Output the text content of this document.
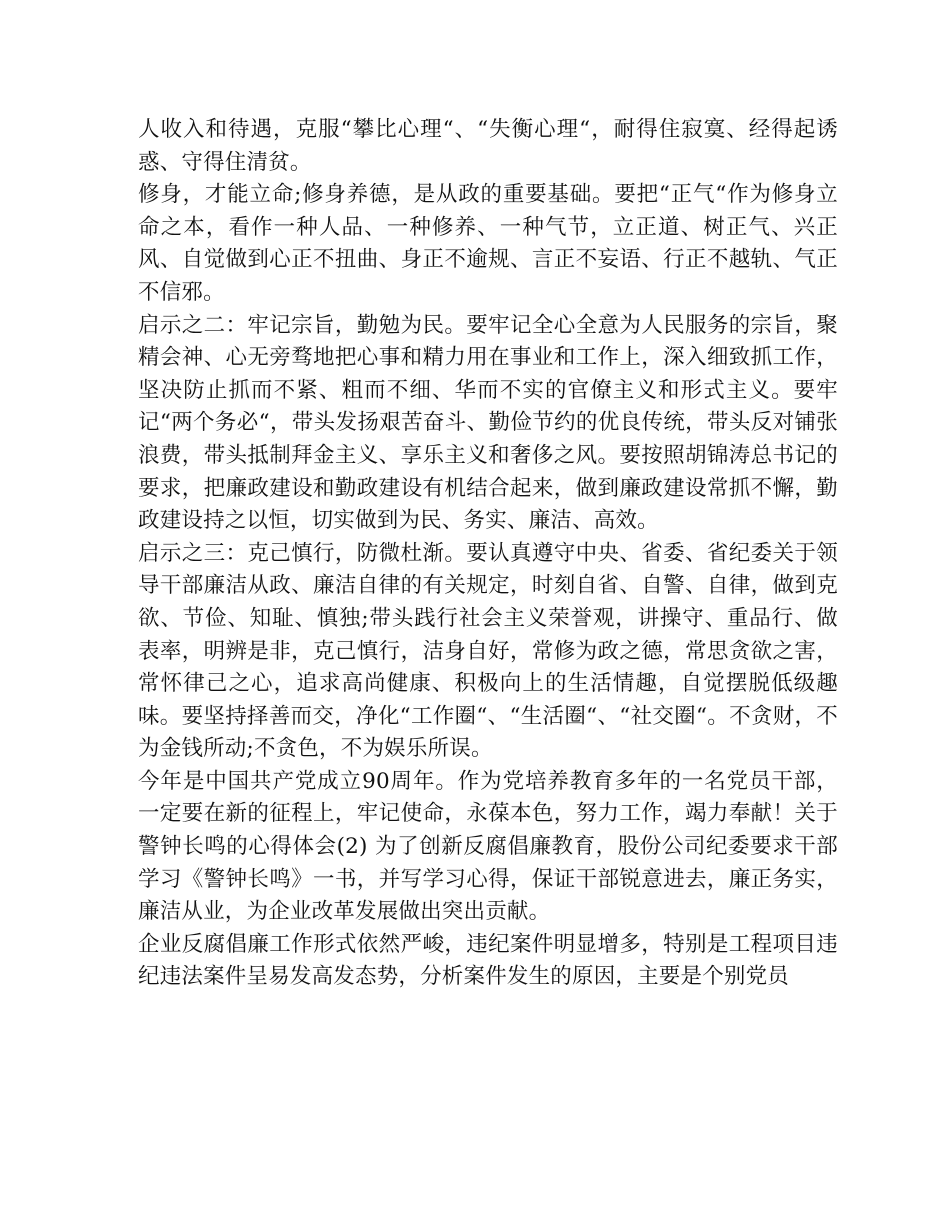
人收入和待遇，克服“攀比心理“、“失衡心理“，耐得住寂寞、经得起诱惑、守得住清贫。

修身，才能立命;修身养德，是从政的重要基础。要把“正气“作为修身立命之本，看作一种人品、一种修养、一种气节，立正道、树正气、兴正风、自觉做到心正不扭曲、身正不逾规、言正不妄语、行正不越轨、气正不信邪。

启示之二：牢记宗旨，勤勉为民。要牢记全心全意为人民服务的宗旨，聚精会神、心无旁骛地把心事和精力用在事业和工作上，深入细致抓工作，坚决防止抓而不紧、粗而不细、华而不实的官僚主义和形式主义。要牢记“两个务必“，带头发扬艰苦奋斗、勤俭节约的优良传统，带头反对铺张浪费，带头抵制拜金主义、享乐主义和奢侈之风。要按照胡锦涛总书记的要求，把廉政建设和勤政建设有机结合起来，做到廉政建设常抓不懈，勤政建设持之以恒，切实做到为民、务实、廉洁、高效。

启示之三：克己慎行，防微杜渐。要认真遵守中央、省委、省纪委关于领导干部廉洁从政、廉洁自律的有关规定，时刻自省、自警、自律，做到克欲、节俭、知耻、慎独;带头践行社会主义荣誉观，讲操守、重品行、做表率，明辨是非，克己慎行，洁身自好，常修为政之德，常思贪欲之害，常怀律己之心，追求高尚健康、积极向上的生活情趣，自觉摆脱低级趣味。要坚持择善而交，净化“工作圈“、“生活圈“、“社交圈“。不贪财，不为金钱所动;不贪色，不为娱乐所误。

今年是中国共产党成立90周年。作为党培养教育多年的一名党员干部，一定要在新的征程上，牢记使命，永葆本色，努力工作，竭力奉献！关于警钟长鸣的心得体会(2) 为了创新反腐倡廉教育，股份公司纪委要求干部学习《警钟长鸣》一书，并写学习心得，保证干部锐意进去，廉正务实，廉洁从业，为企业改革发展做出突出贡献。

企业反腐倡廉工作形式依然严峻，违纪案件明显增多，特别是工程项目违纪违法案件呈易发高发态势，分析案件发生的原因，主要是个别党员
